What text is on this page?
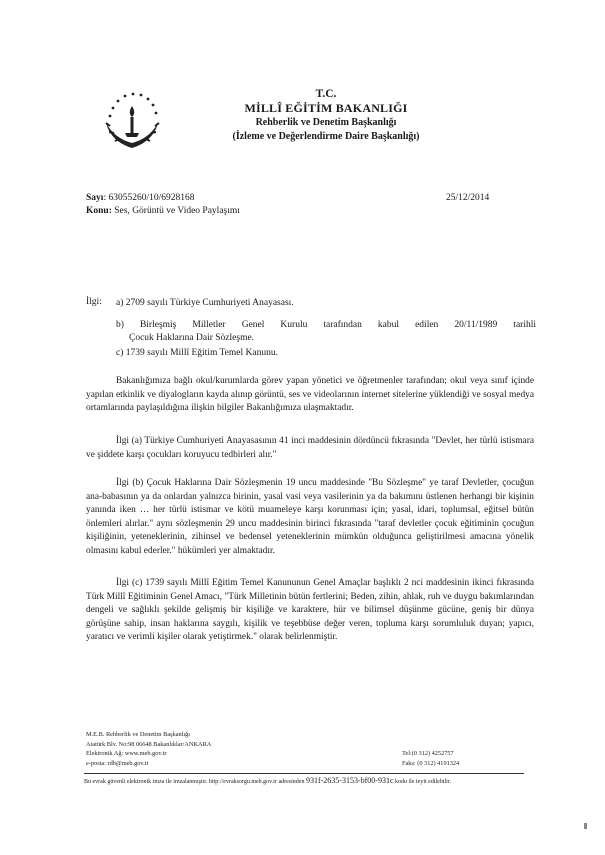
T.C.
MİLLÎ EĞİTİM BAKANLIĞI
Rehberlik ve Denetim Başkanlığı
(İzleme ve Değerlendirme Daire Başkanlığı)
Sayı: 63055260/10/6928168
Konu: Ses, Görüntü ve Video Paylaşımı
25/12/2014
İlgi: a) 2709 sayılı Türkiye Cumhuriyeti Anayasası.
b) Birleşmiş Milletler Genel Kurulu tarafından kabul edilen 20/11/1989 tarihli
Çocuk Haklarına Dair Sözleşme.
c) 1739 sayılı Millî Eğitim Temel Kanunu.
Bakanlığımıza bağlı okul/kurumlarda görev yapan yönetici ve öğretmenler tarafından; okul veya sınıf içinde yapılan etkinlik ve diyalogların kayda alınıp görüntü, ses ve videolarının internet sitelerine yüklendiği ve sosyal medya ortamlarında paylaşıldığına ilişkin bilgiler Bakanlığımıza ulaşmaktadır.
İlgi (a) Türkiye Cumhuriyeti Anayasasının 41 inci maddesinin dördüncü fıkrasında "Devlet, her türlü istismara ve şiddete karşı çocukları koruyucu tedbirleri alır."
İlgi (b) Çocuk Haklarına Dair Sözleşmenin 19 uncu maddesinde "Bu Sözleşme" ye taraf Devletler, çocuğun ana-babasının ya da onlardan yalnızca birinin, yasal vasi veya vasilerinin ya da bakımını üstlenen herhangi bir kişinin yanında iken … her türlü istismar ve kötü muameleye karşı korunması için; yasal, idari, toplumsal, eğitsel bütün önlemleri alırlar." aynı sözleşmenin 29 uncu maddesinin birinci fıkrasında "taraf devletler çocuk eğitiminin çocuğun kişiliğinin, yeteneklerinin, zihinsel ve bedensel yeteneklerinin mümkün olduğunca geliştirilmesi amacına yönelik olmasını kabul ederler." hükümleri yer almaktadır.
İlgi (c) 1739 sayılı Millî Eğitim Temel Kanununun Genel Amaçlar başlıklı 2 nci maddesinin ikinci fıkrasında Türk Millî Eğitiminin Genel Amacı, "Türk Milletinin bütün fertlerini; Beden, zihin, ahlak, ruh ve duygu bakımlarından dengeli ve sağlıklı şekilde gelişmiş bir kişiliğe ve karaktere, hür ve bilimsel düşünme gücüne, geniş bir dünya görüşüne sahip, insan haklarına saygılı, kişilik ve teşebbüse değer veren, topluma karşı sorumluluk duyan; yapıcı, yaratıcı ve verimli kişiler olarak yetiştirmek." olarak belirlenmiştir.
M.E.B. Rehberlik ve Denetim Başkanlığı
Atatürk Blv. No:98 06648 Bakanlıklar/ANKARA
Elektronik Ağ: www.meb.gov.tr
e-posta: rdb@meb.gov.tr
Tel:(0 312) 4252757
Faks: (0 312) 4191324
Bu evrak güvenli elektronik imza ile imzalanmıştır. http://evraksorgu.meb.gov.tr adresinden 931f-2635-3153-bf00-931c kodu ile teyit edilebilir.
